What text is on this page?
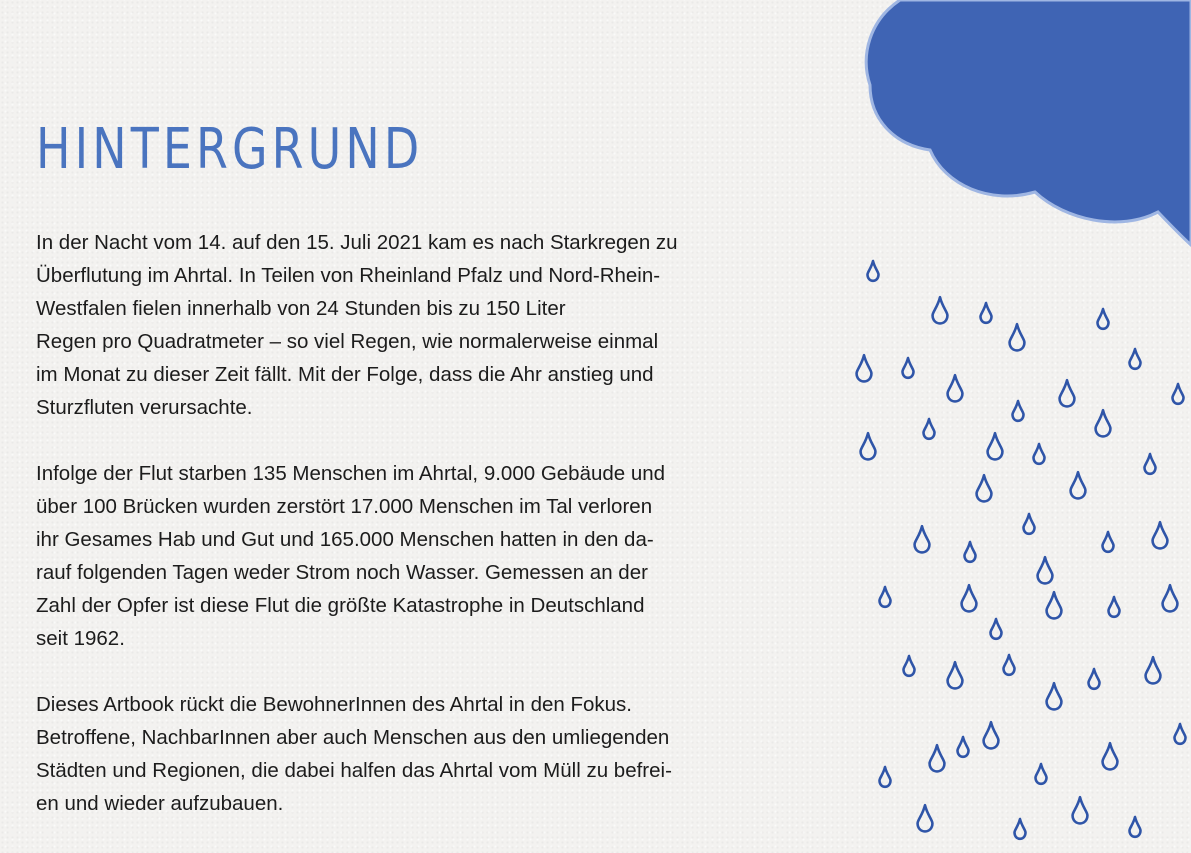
HINTERGRUND

In der Nacht vom 14. auf den 15. Juli 2021 kam es nach Starkregen zu
Überflutung im Ahrtal. In Teilen von Rheinland Pfalz und Nord-Rhein-
Westfalen fielen innerhalb von 24 Stunden bis zu 150 Liter
Regen pro Quadratmeter – so viel Regen, wie normalerweise einmal
im Monat zu dieser Zeit fällt. Mit der Folge, dass die Ahr anstieg und
Sturzfluten verursachte.

Infolge der Flut starben 135 Menschen im Ahrtal, 9.000 Gebäude und
über 100 Brücken wurden zerstört 17.000 Menschen im Tal verloren
ihr Gesames Hab und Gut und 165.000 Menschen hatten in den da-
rauf folgenden Tagen weder Strom noch Wasser. Gemessen an der
Zahl der Opfer ist diese Flut die größte Katastrophe in Deutschland
seit 1962.

Dieses Artbook rückt die BewohnerInnen des Ahrtal in den Fokus.
Betroffene, NachbarInnen aber auch Menschen aus den umliegenden
Städten und Regionen, die dabei halfen das Ahrtal vom Müll zu befrei-
en und wieder aufzubauen.
